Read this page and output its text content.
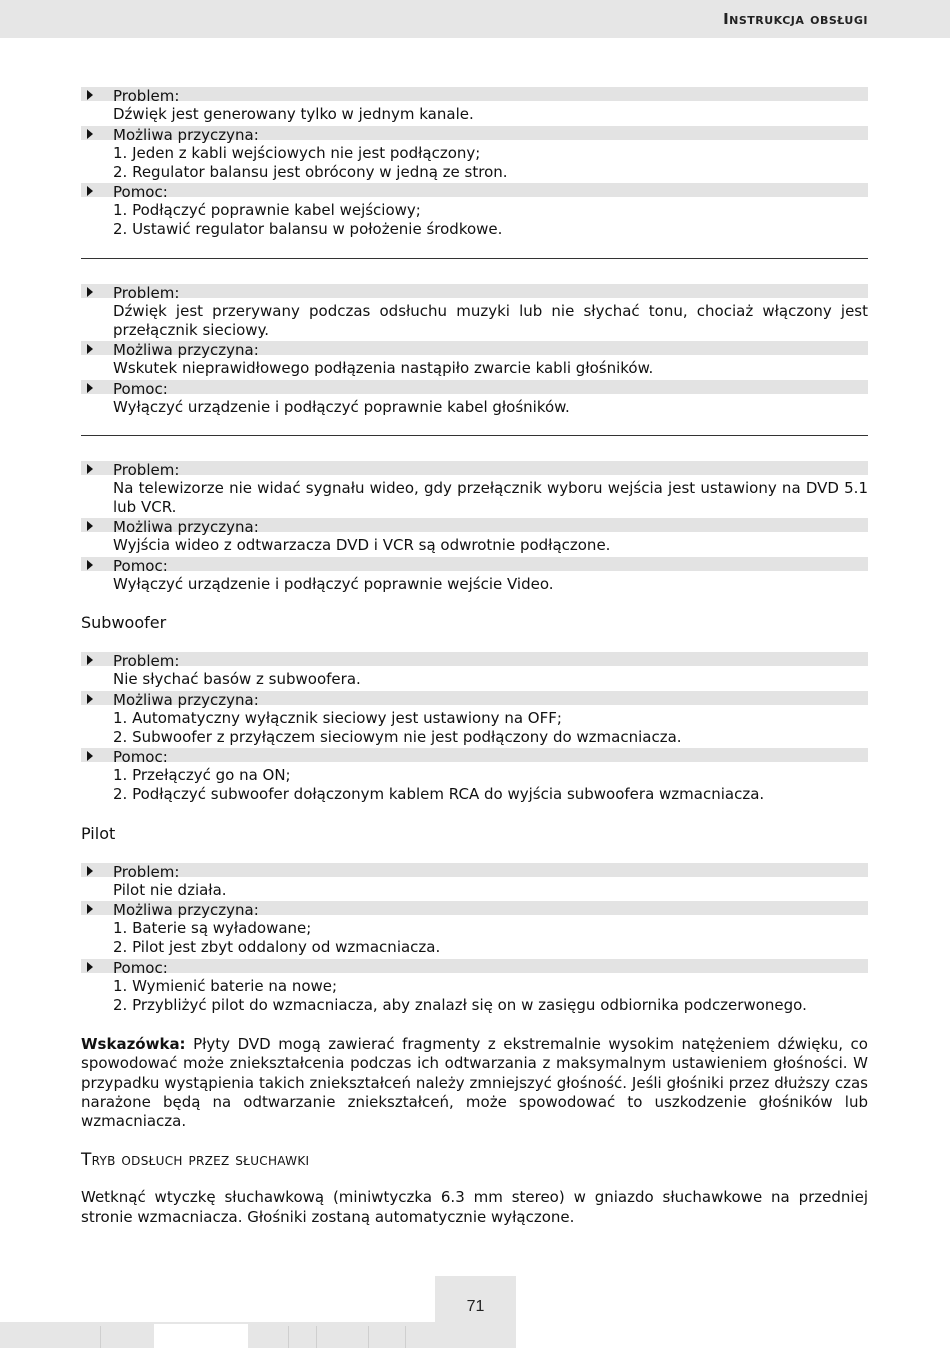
Instrukcja obsługi
Problem:
Dźwięk jest generowany tylko w jednym kanale.
Możliwa przyczyna:
1. Jeden z kabli wejściowych nie jest podłączony;
2. Regulator balansu jest obrócony w jedną ze stron.
Pomoc:
1. Podłączyć poprawnie kabel wejściowy;
2. Ustawić regulator balansu w położenie środkowe.
Problem:
Dźwięk jest przerywany podczas odsłuchu muzyki lub nie słychać tonu, chociaż włączony jest przełącznik sieciowy.
Możliwa przyczyna:
Wskutek nieprawidłowego podłązenia nastąpiło zwarcie kabli głośników.
Pomoc:
Wyłączyć urządzenie i podłączyć poprawnie kabel głośników.
Problem:
Na telewizorze nie widać sygnału wideo, gdy przełącznik wyboru wejścia jest ustawiony na DVD 5.1 lub VCR.
Możliwa przyczyna:
Wyjścia wideo z odtwarzacza DVD i VCR są odwrotnie podłączone.
Pomoc:
Wyłączyć urządzenie i podłączyć poprawnie wejście Video.
Subwoofer
Problem:
Nie słychać basów z subwoofera.
Możliwa przyczyna:
1. Automatyczny wyłącznik sieciowy jest ustawiony na OFF;
2. Subwoofer z przyłączem sieciowym nie jest podłączony do wzmacniacza.
Pomoc:
1. Przełączyć go na ON;
2. Podłączyć subwoofer dołączonym kablem RCA do wyjścia subwoofera wzmacniacza.
Pilot
Problem:
Pilot nie działa.
Możliwa przyczyna:
1. Baterie są wyładowane;
2. Pilot jest zbyt oddalony od wzmacniacza.
Pomoc:
1. Wymienić baterie na nowe;
2. Przybliżyć pilot do wzmacniacza, aby znalazł się on w zasięgu odbiornika podczerwonego.
Wskazówka: Płyty DVD mogą zawierać fragmenty z ekstremalnie wysokim natężeniem dźwięku, co spowodować może zniekształcenia podczas ich odtwarzania z maksymalnym ustawieniem głośności. W przypadku wystąpienia takich zniekształceń należy zmniejszyć głośność. Jeśli głośniki przez dłuższy czas narażone będą na odtwarzanie zniekształceń, może spowodować to uszkodzenie głośników lub wzmacniacza.
Tryb odsłuch przez słuchawki
Wetknąć wtyczkę słuchawkową (miniwtyczka 6.3 mm stereo) w gniazdo słuchawkowe na przedniej stronie wzmacniacza. Głośniki zostaną automatycznie wyłączone.
71
